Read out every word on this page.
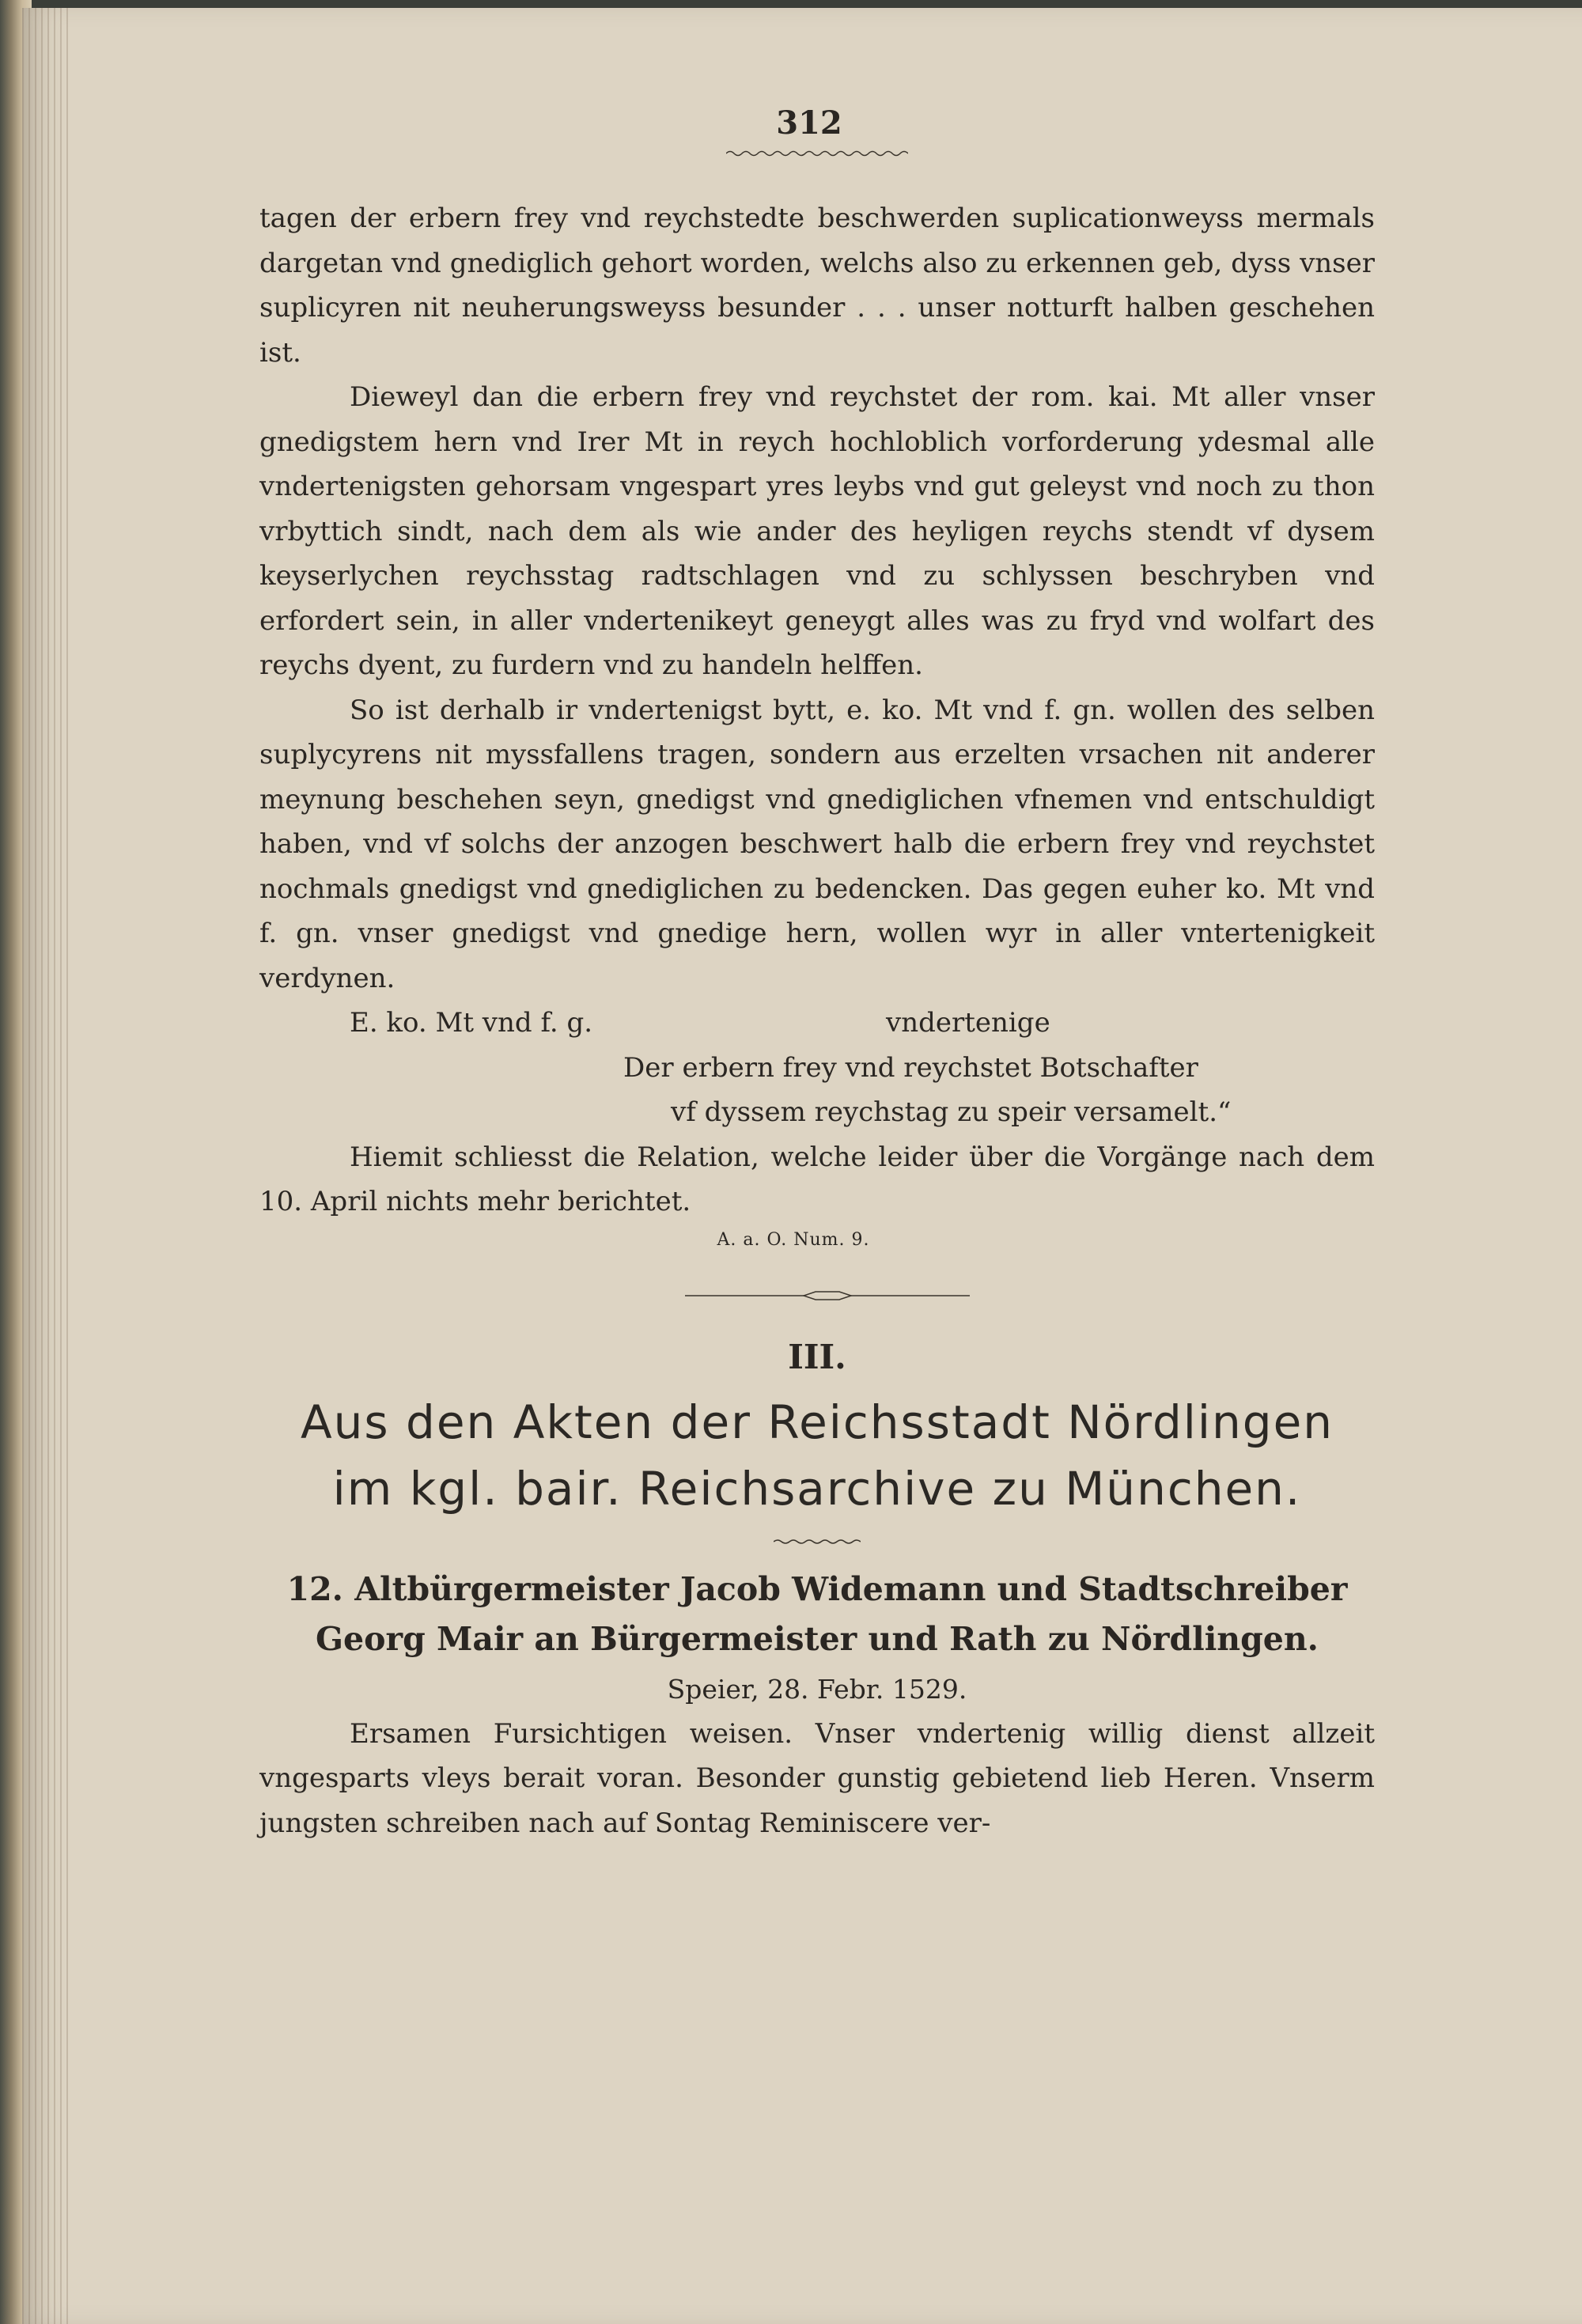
312

tagen der erbern frey vnd reychstedte beschwerden suplicationweyss mermals dargetan vnd gnediglich gehort worden, welchs also zu erkennen geb, dyss vnser suplicyren nit neuherungsweyss besunder . . . unser notturft halben geschehen ist.

Dieweyl dan die erbern frey vnd reychstet der rom. kai. Mt aller vnser gnedigstem hern vnd Irer Mt in reych hochloblich vorforderung ydesmal alle vndertenigsten gehorsam vngespart yres leybs vnd gut geleyst vnd noch zu thon vrbyttich sindt, nach dem als wie ander des heyligen reychs stendt vf dysem keyserlychen reychsstag radtschlagen vnd zu schlyssen beschryben vnd erfordert sein, in aller vndertenikeyt geneygt alles was zu fryd vnd wolfart des reychs dyent, zu furdern vnd zu handeln helffen.

So ist derhalb ir vndertenigst bytt, e. ko. Mt vnd f. gn. wollen des selben suplycyrens nit myssfallens tragen, sondern aus erzelten vrsachen nit anderer meynung beschehen seyn, gnedigst vnd gnediglichen vfnemen vnd entschuldigt haben, vnd vf solchs der anzogen beschwert halb die erbern frey vnd reychstet nochmals gnedigst vnd gnediglichen zu bedencken. Das gegen euher ko. Mt vnd f. gn. vnser gnedigst vnd gnedige hern, wollen wyr in aller vntertenigkeit verdynen.

E. ko. Mt vnd f. g.	vndertenige
Der erbern frey vnd reychstet Botschafter
vf dyssem reychstag zu speir versamelt.“

Hiemit schliesst die Relation, welche leider über die Vorgänge nach dem 10. April nichts mehr berichtet.

A. a. O. Num. 9.
III.
Aus den Akten der Reichsstadt Nördlingen im kgl. bair. Reichsarchive zu München.
12. Altbürgermeister Jacob Widemann und Stadtschreiber Georg Mair an Bürgermeister und Rath zu Nördlingen.
Speier, 28. Febr. 1529.

Ersamen Fursichtigen weisen. Vnser vndertenig willig dienst allzeit vngesparts vleys berait voran. Besonder gunstig gebietend lieb Heren. Vnserm jungsten schreiben nach auf Sontag Reminiscere ver-
